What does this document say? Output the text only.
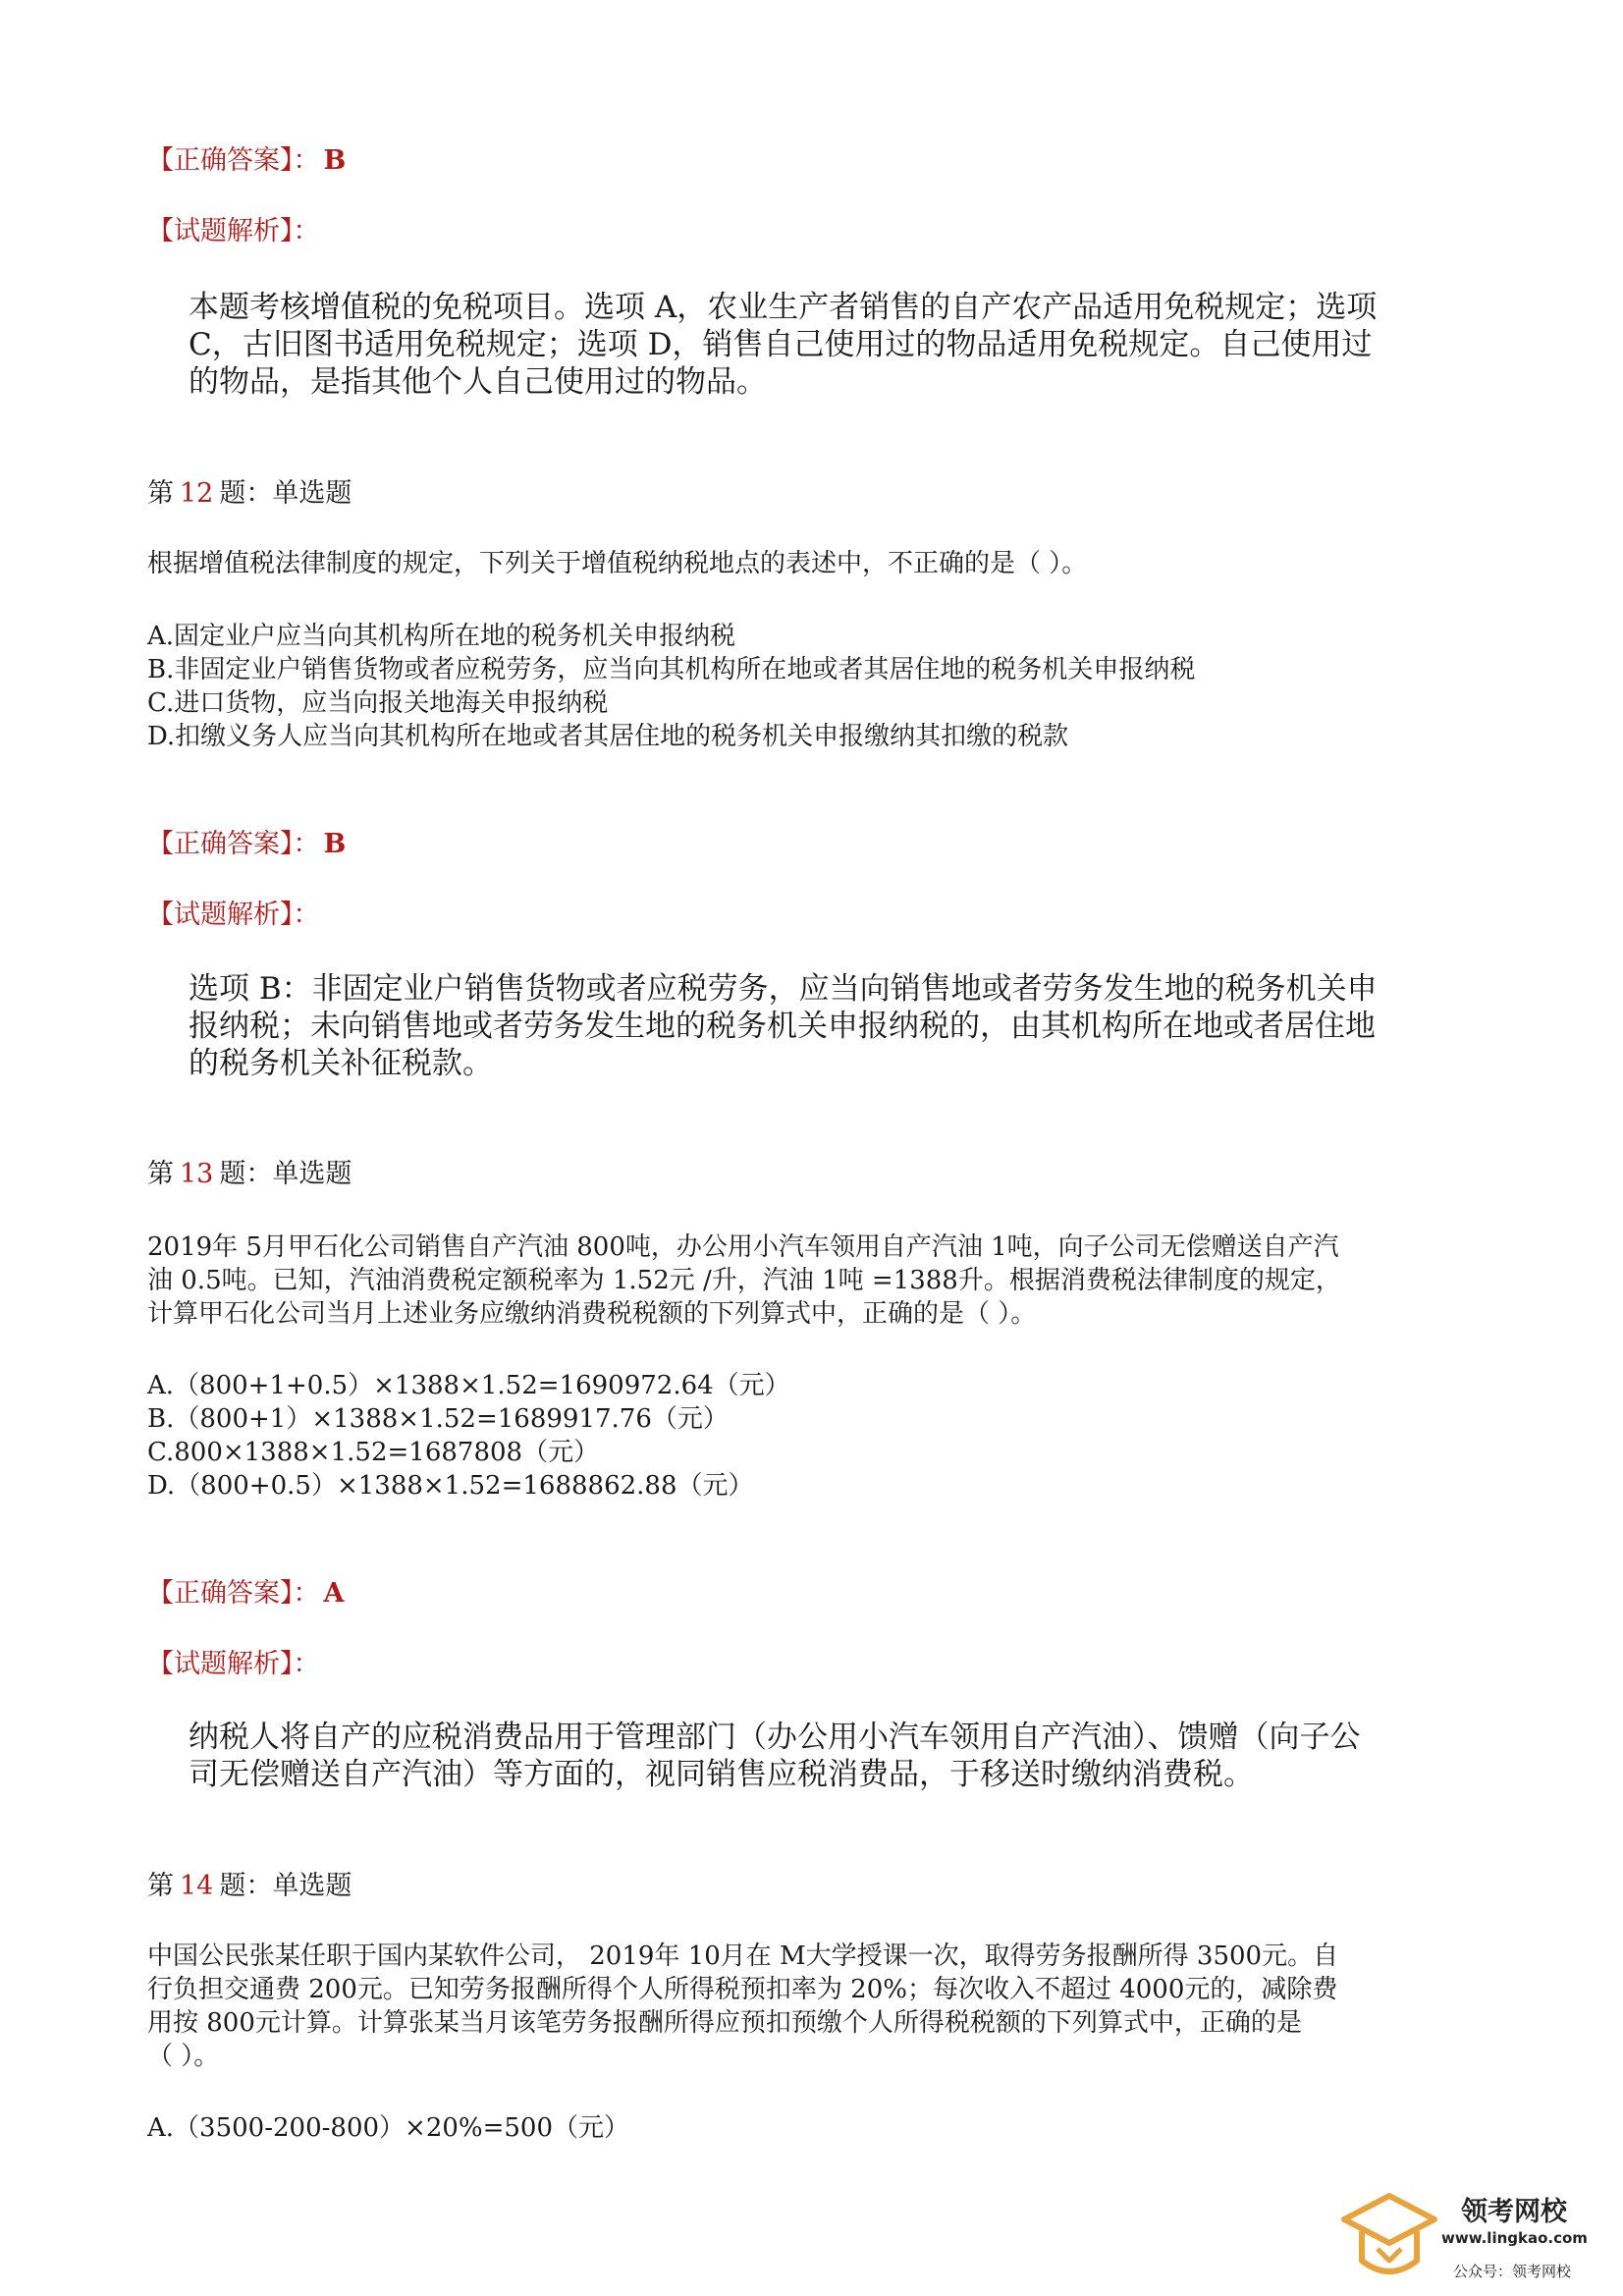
【正确答案】： B
【试题解析】：
本题考核增值税的免税项目。选项 A，农业生产者销售的自产农产品适用免税规定；选项
C，古旧图书适用免税规定；选项 D，销售自己使用过的物品适用免税规定。自己使用过
的物品，是指其他个人自己使用过的物品。
第 12 题：单选题
根据增值税法律制度的规定，下列关于增值税纳税地点的表述中，不正确的是（ ）。
A.固定业户应当向其机构所在地的税务机关申报纳税
B.非固定业户销售货物或者应税劳务，应当向其机构所在地或者其居住地的税务机关申报纳税
C.进口货物，应当向报关地海关申报纳税
D.扣缴义务人应当向其机构所在地或者其居住地的税务机关申报缴纳其扣缴的税款
【正确答案】： B
【试题解析】：
选项 B：非固定业户销售货物或者应税劳务，应当向销售地或者劳务发生地的税务机关申
报纳税；未向销售地或者劳务发生地的税务机关申报纳税的，由其机构所在地或者居住地
的税务机关补征税款。
第 13 题：单选题
2019年 5月甲石化公司销售自产汽油 800吨，办公用小汽车领用自产汽油 1吨，向子公司无偿赠送自产汽
油 0.5吨。已知，汽油消费税定额税率为 1.52元 /升，汽油 1吨 =1388升。根据消费税法律制度的规定，
计算甲石化公司当月上述业务应缴纳消费税税额的下列算式中，正确的是（ ）。
A.（800+1+0.5）×1388×1.52=1690972.64（元）
B.（800+1）×1388×1.52=1689917.76（元）
C.800×1388×1.52=1687808（元）
D.（800+0.5）×1388×1.52=1688862.88（元）
【正确答案】： A
【试题解析】：
纳税人将自产的应税消费品用于管理部门（办公用小汽车领用自产汽油）、馈赠（向子公
司无偿赠送自产汽油）等方面的，视同销售应税消费品，于移送时缴纳消费税。
第 14 题：单选题
中国公民张某任职于国内某软件公司， 2019年 10月在 M大学授课一次，取得劳务报酬所得 3500元。自
行负担交通费 200元。已知劳务报酬所得个人所得税预扣率为 20%；每次收入不超过 4000元的，减除费
用按 800元计算。计算张某当月该笔劳务报酬所得应预扣预缴个人所得税税额的下列算式中，正确的是
（ ）。
A.（3500-200-800）×20%=500（元）
领考网校
www.lingkao.com
公众号：领考网校
